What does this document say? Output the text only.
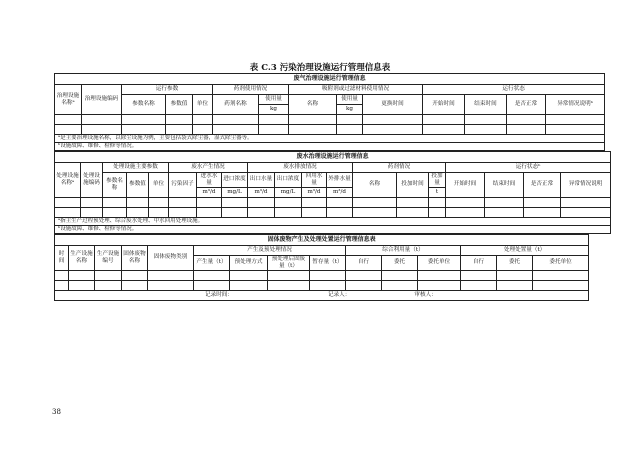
表 C.3 污染治理设施运行管理信息表
废气治理设施运行管理信息													
治理设施名称ᵃ	治理设施编码	运行参数			药剂使用情况		吸附剂或过滤材料使用情况			运行状态			
		参数名称	参数值	单位	药剂名称	使用量	名称	使用量	更换时间	开始时间	结束时间	是否正常	异常情况说明ᵇ
						kg		kg					

ᵃ是主要治理设施名称，以除尘设施为例，主要包括袋式除尘器，湿式除尘器等。													
ᵇ设施故障、维修、检修等情况。													
废水治理设施运行管理信息																		
处理设施名称ᵃ	处理设施编码	处理设施主要参数			废水产生情况			废水排放情况				药剂情况			运行状态ᵇ			
		参数名称	参数值	单位	污染因子	进水水量	进口浓度	出口水量	出口浓度	回用水量	外排水量	名称	投加时间	投加量	开始时间	结束时间	是否正常	异常情况说明
						m³/d	mg/L	m³/d	mg/L	m³/d	m³/d			t				

ᵃ指主生产过程预处理、综合废水处理、中水回用处理设施。																		
ᵇ设施故障、维修、检修等情况。																		
固体废物产生及处理处置运行管理信息表														
时间	生产设施名称	生产设施编号	固体废物名称	固体废物类别	产生及预处理情况				综合利用量（t）			处理处置量（t）		
					产生量（t）	预处理方式	预处理后固废量（t）	暂存量（t）	自行	委托	委托单位	自行	委托	委托单位

记录时间： 记录人： 审核人：														
38
